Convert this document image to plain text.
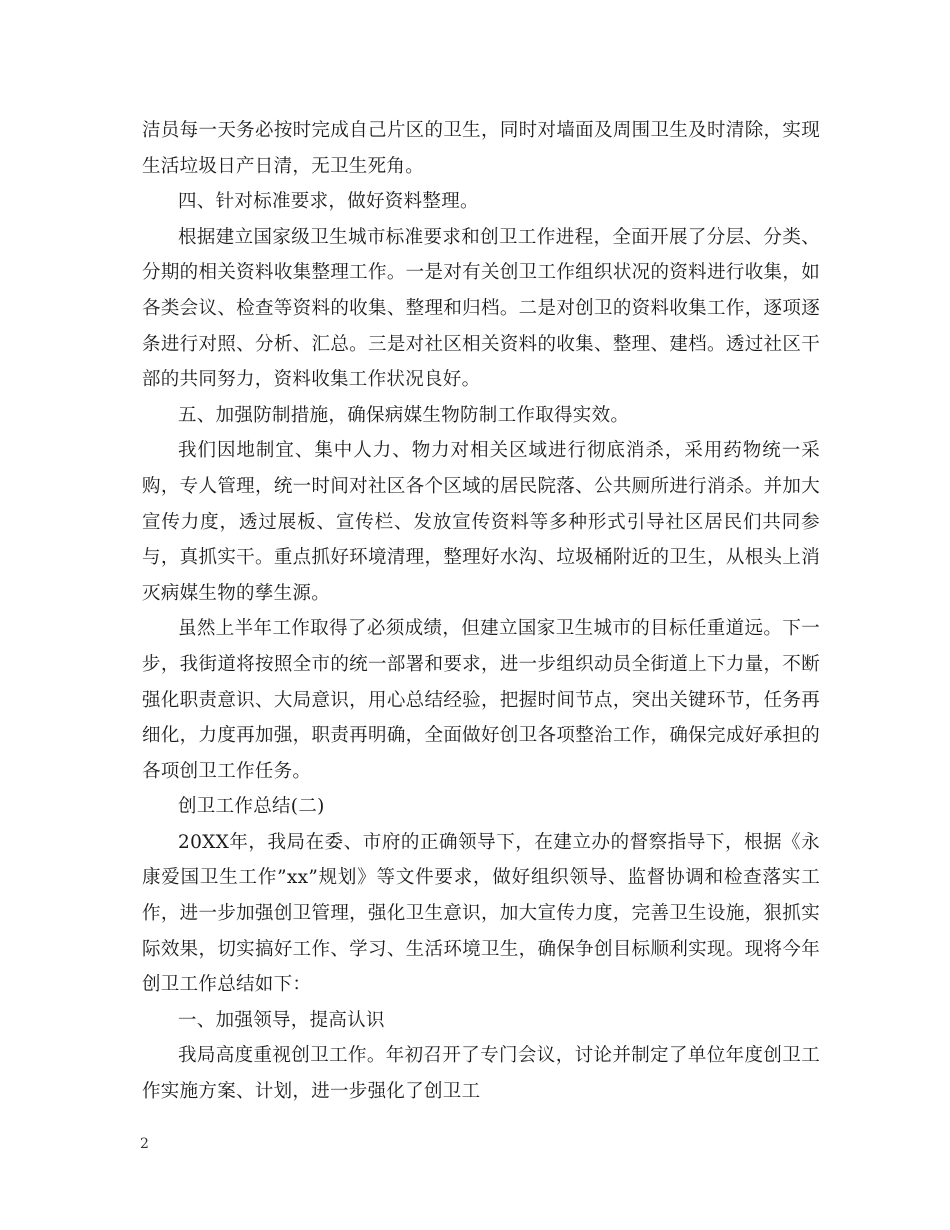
洁员每一天务必按时完成自己片区的卫生，同时对墙面及周围卫生及时清除，实现生活垃圾日产日清，无卫生死角。

四、针对标准要求，做好资料整理。

根据建立国家级卫生城市标准要求和创卫工作进程，全面开展了分层、分类、分期的相关资料收集整理工作。一是对有关创卫工作组织状况的资料进行收集，如各类会议、检查等资料的收集、整理和归档。二是对创卫的资料收集工作，逐项逐条进行对照、分析、汇总。三是对社区相关资料的收集、整理、建档。透过社区干部的共同努力，资料收集工作状况良好。

五、加强防制措施，确保病媒生物防制工作取得实效。

我们因地制宜、集中人力、物力对相关区域进行彻底消杀，采用药物统一采购，专人管理，统一时间对社区各个区域的居民院落、公共厕所进行消杀。并加大宣传力度，透过展板、宣传栏、发放宣传资料等多种形式引导社区居民们共同参与，真抓实干。重点抓好环境清理，整理好水沟、垃圾桶附近的卫生，从根头上消灭病媒生物的孳生源。

虽然上半年工作取得了必须成绩，但建立国家卫生城市的目标任重道远。下一步，我街道将按照全市的统一部署和要求，进一步组织动员全街道上下力量，不断强化职责意识、大局意识，用心总结经验，把握时间节点，突出关键环节，任务再细化，力度再加强，职责再明确，全面做好创卫各项整治工作，确保完成好承担的各项创卫工作任务。

创卫工作总结(二)

20XX年，我局在委、市府的正确领导下，在建立办的督察指导下，根据《永康爱国卫生工作”xx”规划》等文件要求，做好组织领导、监督协调和检查落实工作，进一步加强创卫管理，强化卫生意识，加大宣传力度，完善卫生设施，狠抓实际效果，切实搞好工作、学习、生活环境卫生，确保争创目标顺利实现。现将今年创卫工作总结如下：

一、加强领导，提高认识

我局高度重视创卫工作。年初召开了专门会议，讨论并制定了单位年度创卫工作实施方案、计划，进一步强化了创卫工

2
